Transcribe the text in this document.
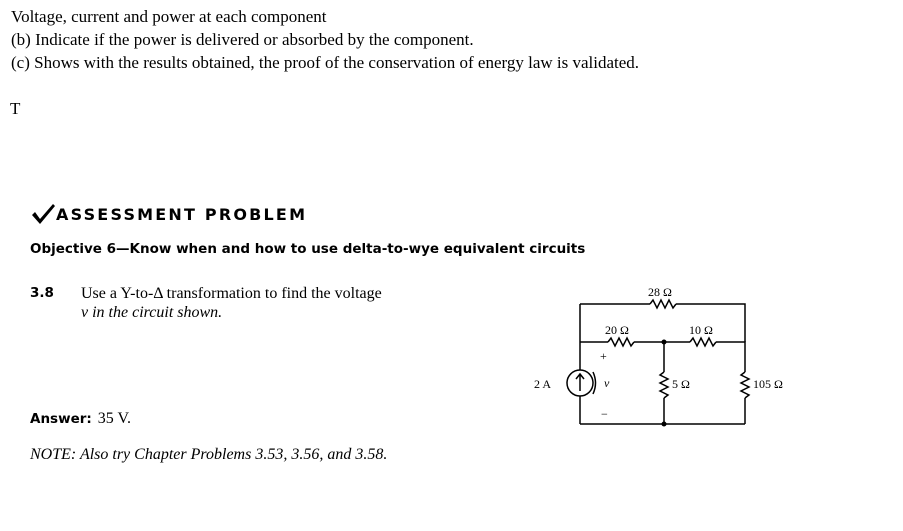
Voltage, current and power at each component
(b) Indicate if the power is delivered or absorbed by the component.
(c) Shows with the results obtained, the proof of the conservation of energy law is validated.
T
ASSESSMENT PROBLEM
Objective 6—Know when and how to use delta-to-wye equivalent circuits
3.8 Use a Y-to-Δ transformation to find the voltage
v in the circuit shown.
Answer: 35 V.
NOTE: Also try Chapter Problems 3.53, 3.56, and 3.58.
28 Ω
20 Ω	10 Ω
5 Ω	105 Ω
2 A	v
+
−
